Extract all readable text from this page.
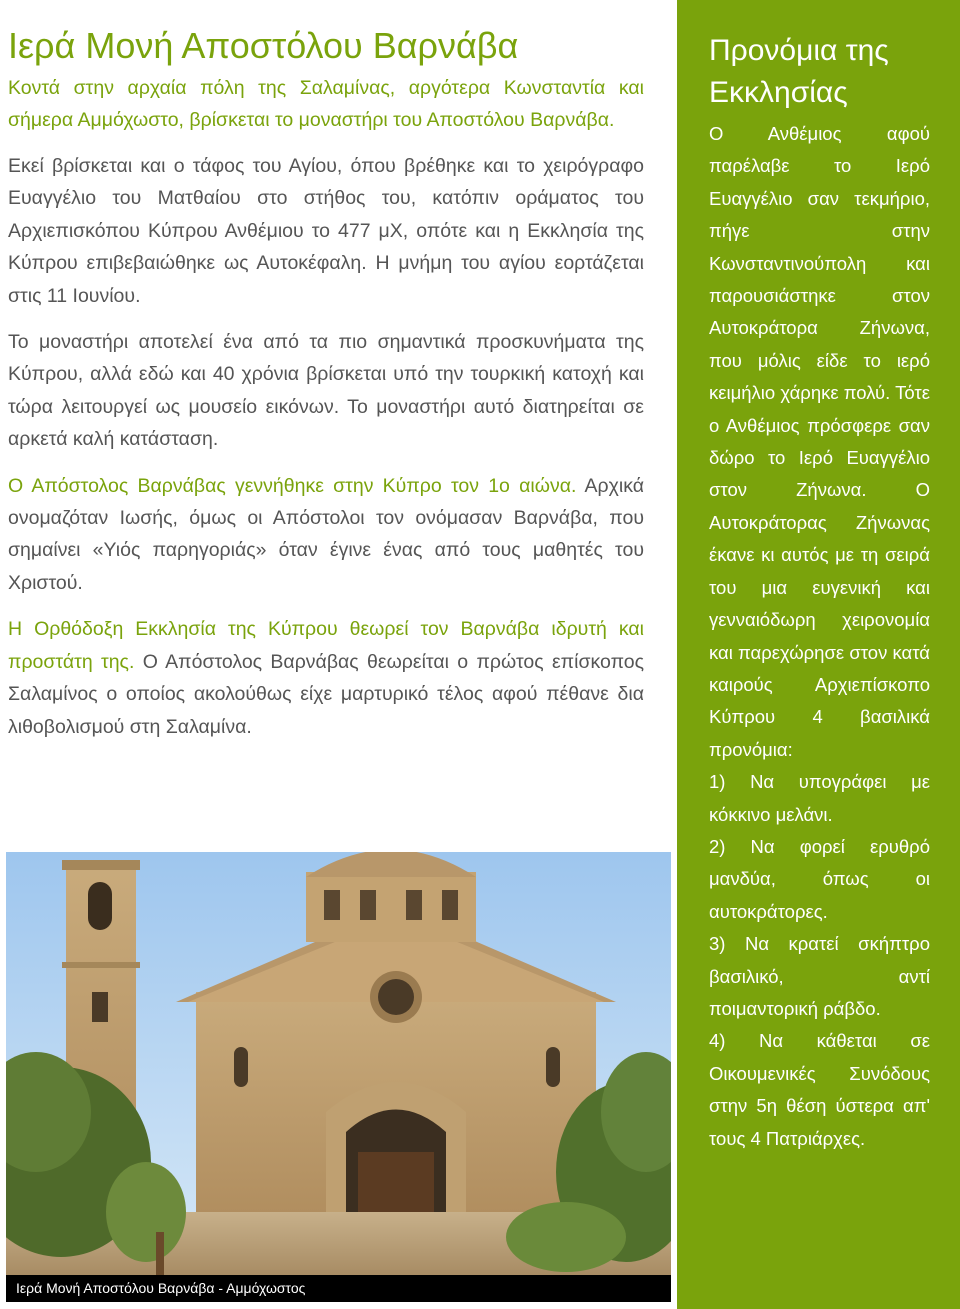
Ιερά Μονή Αποστόλου Βαρνάβα

Κοντά στην αρχαία πόλη της Σαλαμίνας, αργότερα Κωνσταντία και σήμερα Αμμόχωστο, βρίσκεται το μοναστήρι του Αποστόλου Βαρνάβα.

Εκεί βρίσκεται και ο τάφος του Αγίου, όπου βρέθηκε και το χειρόγραφο Ευαγγέλιο του Ματθαίου στο στήθος του, κατόπιν οράματος του Αρχιεπισκόπου Κύπρου Ανθέμιου το 477 μΧ, οπότε και η Εκκλησία της Κύπρου επιβεβαιώθηκε ως Αυτοκέφαλη. Η μνήμη του αγίου εορτάζεται στις 11 Ιουνίου.

Το μοναστήρι αποτελεί ένα από τα πιο σημαντικά προσκυνήματα της Κύπρου, αλλά εδώ και 40 χρόνια βρίσκεται υπό την τουρκική κατοχή και τώρα λειτουργεί ως μουσείο εικόνων. Το μοναστήρι αυτό διατηρείται σε αρκετά καλή κατάσταση.

Ο Απόστολος Βαρνάβας γεννήθηκε στην Κύπρο τον 1ο αιώνα. Αρχικά ονομαζόταν Ιωσής, όμως οι Απόστολοι τον ονόμασαν Βαρνάβα, που σημαίνει «Υιός παρηγοριάς» όταν έγινε ένας από τους μαθητές του Χριστού.

Η Ορθόδοξη Εκκλησία της Κύπρου θεωρεί τον Βαρνάβα ιδρυτή και προστάτη της. Ο Απόστολος Βαρνάβας θεωρείται ο πρώτος επίσκοπος Σαλαμίνος ο οποίος ακολούθως είχε μαρτυρικό τέλος αφού πέθανε δια λιθοβολισμού στη Σαλαμίνα.

Προνόμια της Εκκλησίας

Ο Ανθέμιος αφού παρέλαβε το Ιερό Ευαγγέλιο σαν τεκμήριο, πήγε στην Κωνσταντινούπολη και παρουσιάστηκε στον Αυτοκράτορα Ζήνωνα, που μόλις είδε το ιερό κειμήλιο χάρηκε πολύ. Τότε ο Ανθέμιος πρόσφερε σαν δώρο το Ιερό Ευαγγέλιο στον Ζήνωνα. Ο Αυτοκράτορας Ζήνωνας έκανε κι αυτός με τη σειρά του μια ευγενική και γενναιόδωρη χειρονομία και παρεχώρησε στον κατά καιρούς Αρχιεπίσκοπο Κύπρου 4 βασιλικά προνόμια:

1) Να υπογράφει με κόκκινο μελάνι.

2) Να φορεί ερυθρό μανδύα, όπως οι αυτοκράτορες.

3) Να κρατεί σκήπτρο βασιλικό, αντί ποιμαντορική ράβδο.

4) Να κάθεται σε Οικουμενικές Συνόδους στην 5η θέση ύστερα απ' τους 4 Πατριάρχες.

Ιερά Μονή Αποστόλου Βαρνάβα - Αμμόχωστος
